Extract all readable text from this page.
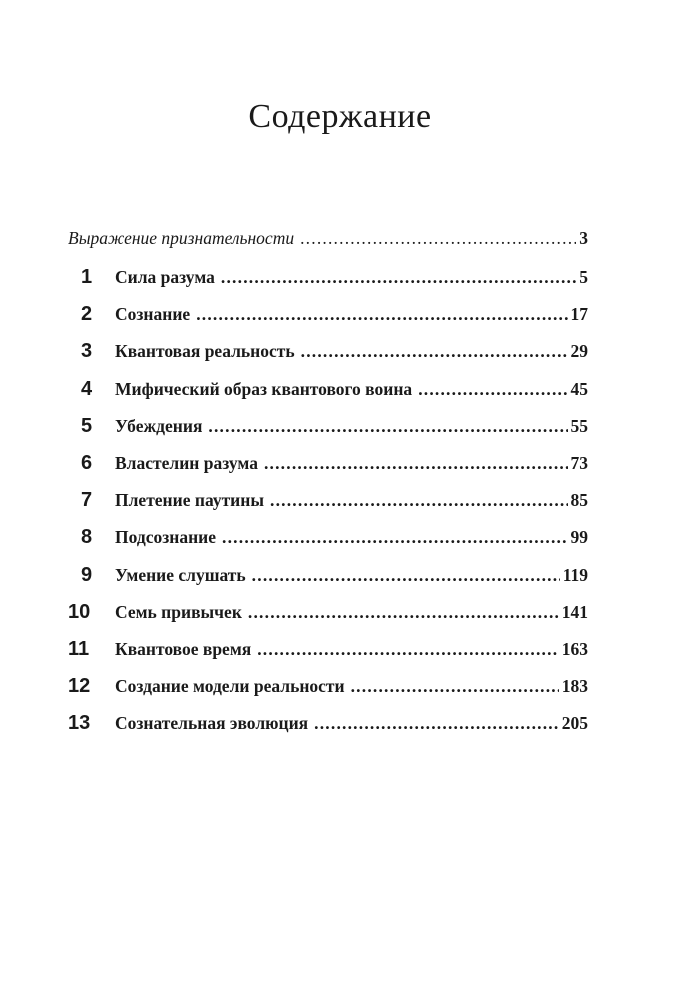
Содержание
Выражение признательности .....	3
1	Сила разума .....	5
2	Сознание .....	17
3	Квантовая реальность .....	29
4	Мифический образ квантового воина .....	45
5	Убеждения .....	55
6	Властелин разума .....	73
7	Плетение паутины .....	85
8	Подсознание .....	99
9	Умение слушать .....	119
10	Семь привычек .....	141
11	Квантовое время .....	163
12	Создание модели реальности .....	183
13	Сознательная эволюция .....	205
